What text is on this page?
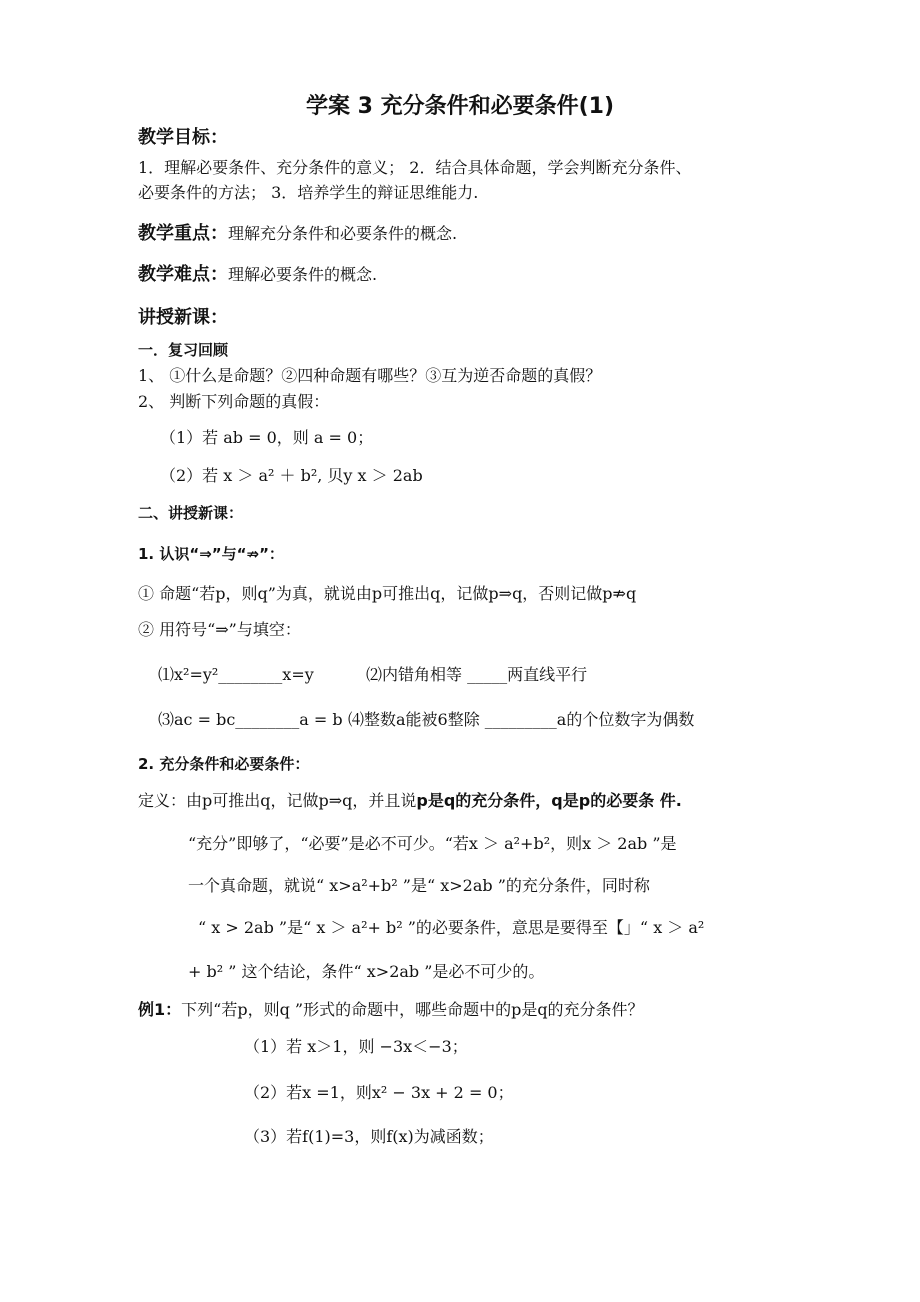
学案 3 充分条件和必要条件(1)
教学目标：
1．理解必要条件、充分条件的意义； 2．结合具体命题，学会判断充分条件、
必要条件的方法； 3．培养学生的辩证思维能力.
教学重点：理解充分条件和必要条件的概念.
教学难点：理解必要条件的概念.
讲授新课：
一．复习回顾
1、 ①什么是命题？②四种命题有哪些？③互为逆否命题的真假？
2、 判断下列命题的真假：
（1）若 ab = 0，则 a = 0；
（2）若 x ＞ a² ＋ b², 贝y x ＞ 2ab
二、讲授新课：
1. 认识“⇒”与“⇏”：
① 命题“若p，则q”为真，就说由p可推出q，记做p⇒q，否则记做p⇏q
② 用符号“⇒”与填空：
⑴x²=y²________x=y	⑵内错角相等 _____两直线平行
⑶ac = bc________a = b ⑷整数a能被6整除 _________a的个位数字为偶数
2. 充分条件和必要条件：
定义：由p可推出q，记做p⇒q，并且说p是q的充分条件，q是p的必要条 件.
“充分”即够了，“必要”是必不可少。“若x ＞ a²+b²，则x ＞ 2ab ”是
一个真命题，就说“ x>a²+b² ”是“ x>2ab ”的充分条件，同时称
“ x > 2ab ”是“ x ＞ a²+ b² ”的必要条件，意思是要得至【」“ x ＞ a²
+ b² ” 这个结论，条件“ x>2ab ”是必不可少的。
例1：下列“若p，则q ”形式的命题中，哪些命题中的p是q的充分条件？
（1）若 x＞1，则 −3x＜−3；
（2）若x =1，则x² − 3x + 2 = 0；
（3）若f(1)=3，则f(x)为减函数；
